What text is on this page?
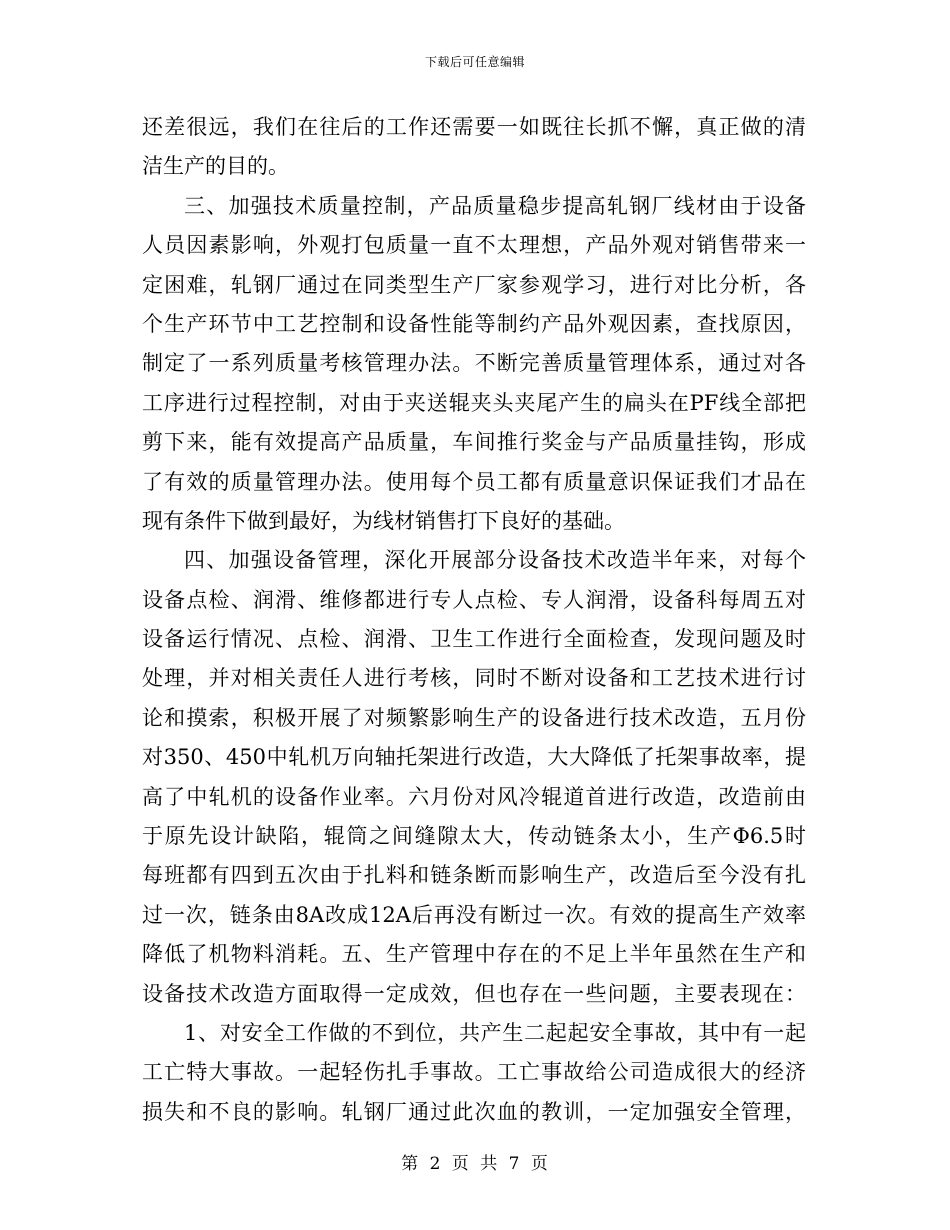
下载后可任意编辑
还差很远，我们在往后的工作还需要一如既往长抓不懈，真正做的清
洁生产的目的。
三、加强技术质量控制，产品质量稳步提高轧钢厂线材由于设备
人员因素影响，外观打包质量一直不太理想，产品外观对销售带来一
定困难，轧钢厂通过在同类型生产厂家参观学习，进行对比分析，各
个生产环节中工艺控制和设备性能等制约产品外观因素，查找原因，
制定了一系列质量考核管理办法。不断完善质量管理体系，通过对各
工序进行过程控制，对由于夹送辊夹头夹尾产生的扁头在PF线全部把
剪下来，能有效提高产品质量，车间推行奖金与产品质量挂钩，形成
了有效的质量管理办法。使用每个员工都有质量意识保证我们才品在
现有条件下做到最好，为线材销售打下良好的基础。
四、加强设备管理，深化开展部分设备技术改造半年来，对每个
设备点检、润滑、维修都进行专人点检、专人润滑，设备科每周五对
设备运行情况、点检、润滑、卫生工作进行全面检查，发现问题及时
处理，并对相关责任人进行考核，同时不断对设备和工艺技术进行讨
论和摸索，积极开展了对频繁影响生产的设备进行技术改造，五月份
对350、450中轧机万向轴托架进行改造，大大降低了托架事故率，提
高了中轧机的设备作业率。六月份对风冷辊道首进行改造，改造前由
于原先设计缺陷，辊筒之间缝隙太大，传动链条太小，生产Φ6.5时
每班都有四到五次由于扎料和链条断而影响生产，改造后至今没有扎
过一次，链条由8A改成12A后再没有断过一次。有效的提高生产效率
降低了机物料消耗。五、生产管理中存在的不足上半年虽然在生产和
设备技术改造方面取得一定成效，但也存在一些问题，主要表现在：
1、对安全工作做的不到位，共产生二起起安全事故，其中有一起
工亡特大事故。一起轻伤扎手事故。工亡事故给公司造成很大的经济
损失和不良的影响。轧钢厂通过此次血的教训，一定加强安全管理，
第 2 页 共 7 页
